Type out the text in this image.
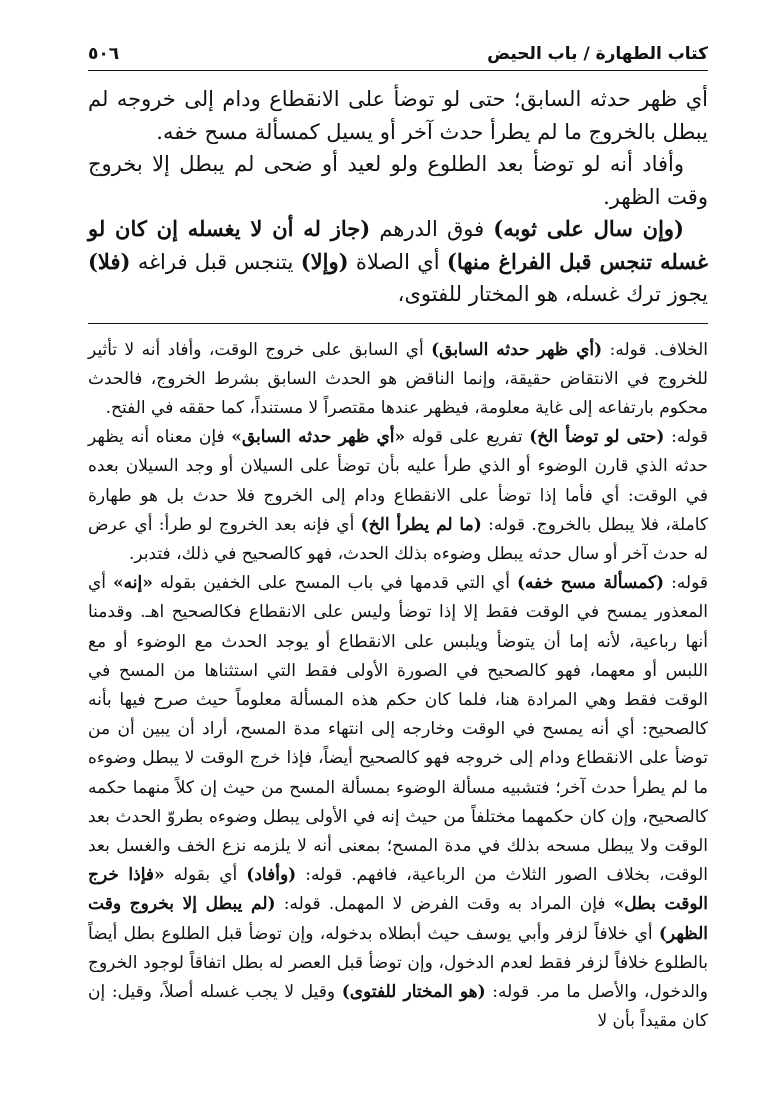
كتاب الطهارة / باب الحيض
٥٠٦

أي ظهر حدثه السابق؛ حتى لو توضأ على الانقطاع ودام إلى خروجه لم يبطل بالخروج ما لم يطرأ حدث آخر أو يسيل كمسألة مسح خفه.

وأفاد أنه لو توضأ بعد الطلوع ولو لعيد أو ضحى لم يبطل إلا بخروج وقت الظهر.

(وإن سال على ثوبه) فوق الدرهم (جاز له أن لا يغسله إن كان لو غسله تنجس قبل الفراغ منها) أي الصلاة (وإلا) يتنجس قبل فراغه (فلا) يجوز ترك غسله، هو المختار للفتوى،

الخلاف. قوله: (أي ظهر حدثه السابق) أي السابق على خروج الوقت، وأفاد أنه لا تأثير للخروج في الانتقاض حقيقة، وإنما الناقض هو الحدث السابق بشرط الخروج، فالحدث محكوم بارتفاعه إلى غاية معلومة، فيظهر عندها مقتصراً لا مستنداً، كما حققه في الفتح.

قوله: (حتى لو توضأ الخ) تفريع على قوله «أي ظهر حدثه السابق» فإن معناه أنه يظهر حدثه الذي قارن الوضوء أو الذي طرأ عليه بأن توضأ على السيلان أو وجد السيلان بعده في الوقت: أي فأما إذا توضأ على الانقطاع ودام إلى الخروج فلا حدث بل هو طهارة كاملة، فلا يبطل بالخروج. قوله: (ما لم يطرأ الخ) أي فإنه بعد الخروج لو طرأ: أي عرض له حدث آخر أو سال حدثه يبطل وضوءه بذلك الحدث، فهو كالصحيح في ذلك، فتدبر.

قوله: (كمسألة مسح خفه) أي التي قدمها في باب المسح على الخفين بقوله «إنه» أي المعذور يمسح في الوقت فقط إلا إذا توضأ وليس على الانقطاع فكالصحيح اهـ. وقدمنا أنها رباعية، لأنه إما أن يتوضأ ويلبس على الانقطاع أو يوجد الحدث مع الوضوء أو مع اللبس أو معهما، فهو كالصحيح في الصورة الأولى فقط التي استثناها من المسح في الوقت فقط وهي المرادة هنا، فلما كان حكم هذه المسألة معلوماً حيث صرح فيها بأنه كالصحيح: أي أنه يمسح في الوقت وخارجه إلى انتهاء مدة المسح، أراد أن يبين أن من توضأ على الانقطاع ودام إلى خروجه فهو كالصحيح أيضاً، فإذا خرج الوقت لا يبطل وضوءه ما لم يطرأ حدث آخر؛ فتشبيه مسألة الوضوء بمسألة المسح من حيث إن كلاً منهما حكمه كالصحيح، وإن كان حكمهما مختلفاً من حيث إنه في الأولى يبطل وضوءه بطروّ الحدث بعد الوقت ولا يبطل مسحه بذلك في مدة المسح؛ بمعنى أنه لا يلزمه نزع الخف والغسل بعد الوقت، بخلاف الصور الثلاث من الرباعية، فافهم. قوله: (وأفاد) أي بقوله «فإذا خرج الوقت بطل» فإن المراد به وقت الفرض لا المهمل. قوله: (لم يبطل إلا بخروج وقت الظهر) أي خلافاً لزفر وأبي يوسف حيث أبطلاه بدخوله، وإن توضأ قبل الطلوع بطل أيضاً بالطلوع خلافاً لزفر فقط لعدم الدخول، وإن توضأ قبل العصر له بطل اتفاقاً لوجود الخروج والدخول، والأصل ما مر. قوله: (هو المختار للفتوى) وقيل لا يجب غسله أصلاً، وقيل: إن كان مقيداً بأن لا
